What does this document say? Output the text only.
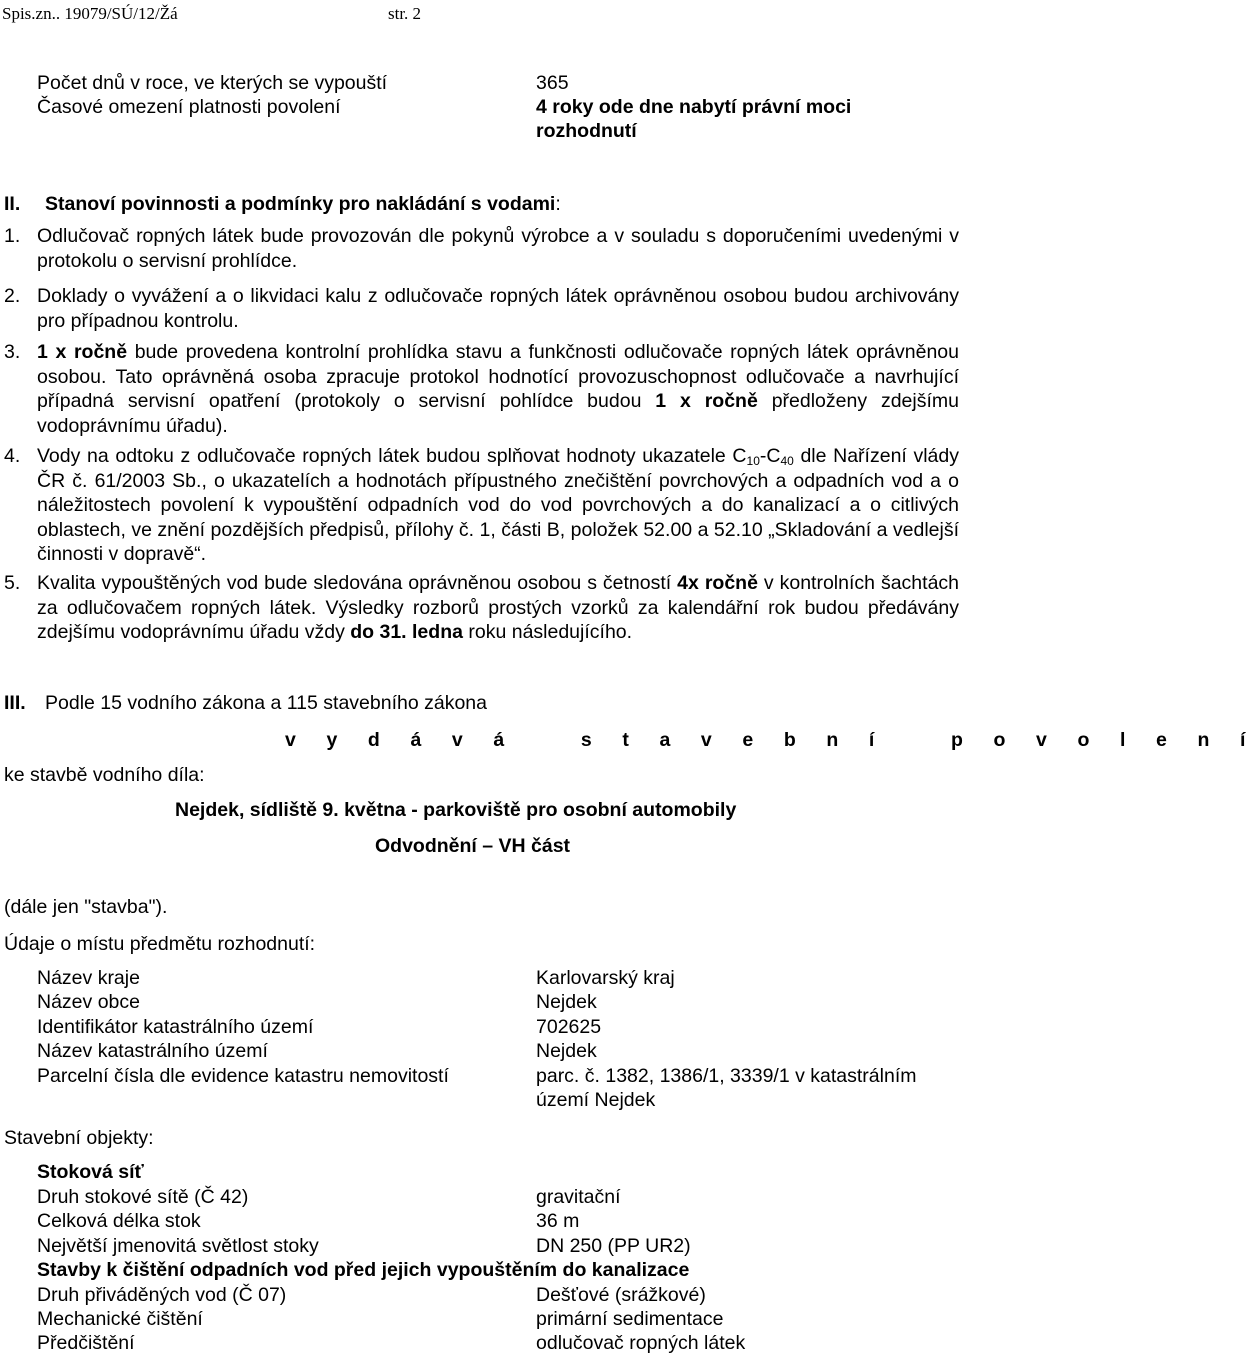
Spis.zn.. 19079/SÚ/12/Žá	str. 2
Počet dnů v roce, ve kterých se vypouští	365
Časové omezení platnosti povolení	4 roky ode dne nabytí právní moci
rozhodnutí
II. Stanoví povinnosti a podmínky pro nakládání s vodami:
1. Odlučovač ropných látek bude provozován dle pokynů výrobce a v souladu s doporučeními uvedenými v protokolu o servisní prohlídce.
2. Doklady o vyvážení a o likvidaci kalu z odlučovače ropných látek oprávněnou osobou budou archivovány pro případnou kontrolu.
3. 1 x ročně bude provedena kontrolní prohlídka stavu a funkčnosti odlučovače ropných látek oprávněnou osobou. Tato oprávněná osoba zpracuje protokol hodnotící provozuschopnost odlučovače a navrhující případná servisní opatření (protokoly o servisní pohlídce budou 1 x ročně předloženy zdejšímu vodoprávnímu úřadu).
4. Vody na odtoku z odlučovače ropných látek budou splňovat hodnoty ukazatele $C_{10}-C_{40}$ dle Nařízení vlády ČR č. 61/2003 Sb., o ukazatelích a hodnotách přípustného znečištění povrchových a odpadních vod a o náležitostech povolení k vypouštění odpadních vod do vod povrchových a do kanalizací a o citlivých oblastech, ve znění pozdějších předpisů, přílohy č. 1, části B, položek 52.00 a 52.10 „Skladování a vedlejší činnosti v dopravě“.
5. Kvalita vypouštěných vod bude sledována oprávněnou osobou s četností 4x ročně v kontrolních šachtách za odlučovačem ropných látek. Výsledky rozborů prostých vzorků za kalendářní rok budou předávány zdejšímu vodoprávnímu úřadu vždy do 31. ledna roku následujícího.
III. Podle 15 vodního zákona a 115 stavebního zákona
v y d á v á   s t a v e b n í   p o v o l e n í
ke stavbě vodního díla:
Nejdek, sídliště 9. května - parkoviště pro osobní automobily
Odvodnění – VH část
(dále jen "stavba").
Údaje o místu předmětu rozhodnutí:
Název kraje	Karlovarský kraj
Název obce	Nejdek
Identifikátor katastrálního území	702625
Název katastrálního území	Nejdek
Parcelní čísla dle evidence katastru nemovitostí	parc. č. 1382, 1386/1, 3339/1 v katastrálním
území Nejdek
Stavební objekty:
Stoková síť
Druh stokové sítě (Č 42)	gravitační
Celková délka stok	36 m
Největší jmenovitá světlost stoky	DN 250 (PP UR2)
Stavby k čištění odpadních vod před jejich vypouštěním do kanalizace
Druh přiváděných vod (Č 07)	Dešťové (srážkové)
Mechanické čištění	primární sedimentace
Předčištění	odlučovač ropných látek
